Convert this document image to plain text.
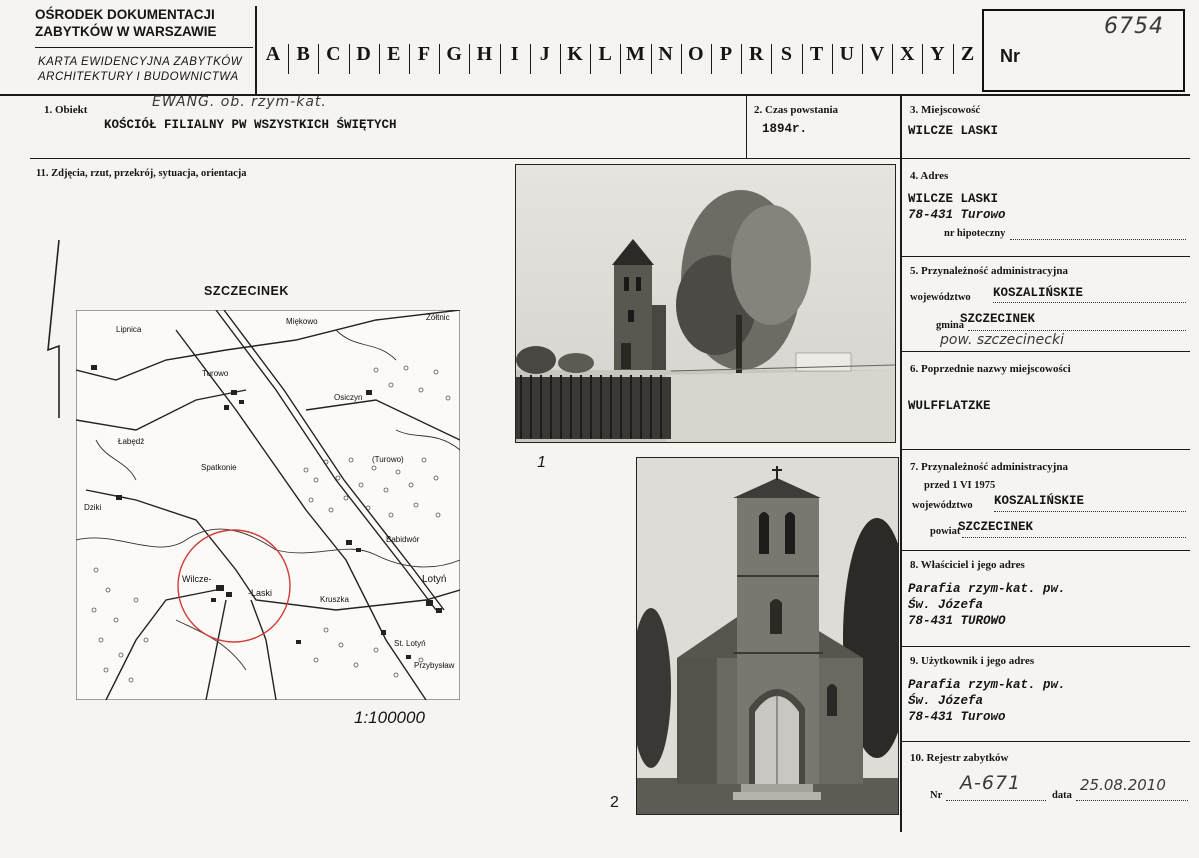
OŚRODEK DOKUMENTACJI
ZABYTKÓW W WARSZAWIE
KARTA EWIDENCYJNA ZABYTKÓW
ARCHITEKTURY I BUDOWNICTWA
A B C D E F G H I	J K L M N O P R S T U V X Y Z	Nr
6754
1. Obiekt	EWANG. ob. rzym-kat.
KOŚCIÓŁ FILIALNY PW WSZYSTKICH ŚWIĘTYCH
2. Czas powstania
1894r.
3. Miejscowość
WILCZE LASKI
4. Adres
WILCZE LASKI
78-431 Turowo
nr hipoteczny
5. Przynależność administracyjna
województwo KOSZALIŃSKIE
gmina
SZCZECINEK
pow. szczecinecki
6. Poprzednie nazwy miejscowości
WULFFLATZKE
7. Przynależność administracyjna
przed 1 VI 1975
województwo KOSZALIŃSKIE
powiat
SZCZECINEK
8. Właściciel i jego adres
Parafia rzym-kat. pw.
Św. Józefa
78-431 TUROWO
9. Użytkownik i jego adres
Parafia rzym-kat. pw.
Św. Józefa
78-431 Turowo
10. Rejestr zabytków
Nr
A-671
data
25.08.2010
11. Zdjęcia, rzut, przekrój, sytuacja, orientacja
SZCZECINEK
Lipnica
Miękowo	Żółtnic
Turowo
Osiczyn
(Turowo)
Łabędź
Spatkonie
Dziki
Babidwór
Wilcze-
-Laski
Kruszka
Lotyń
St. Lotyń
Przybysław
1:100000
1
2
